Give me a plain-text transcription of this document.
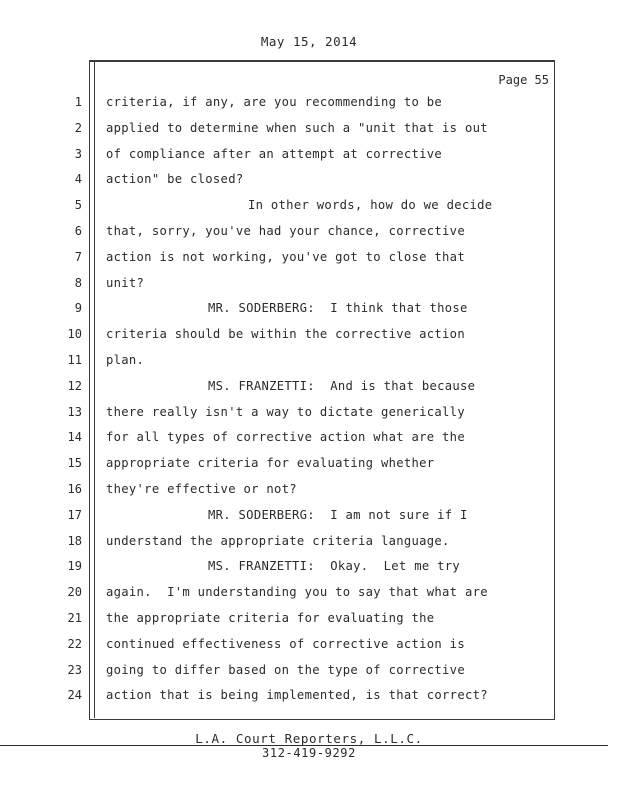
May 15, 2014
Page 55
1 criteria, if any, are you recommending to be
2 applied to determine when such a "unit that is out
3 of compliance after an attempt at corrective
4 action" be closed?
5	In other words, how do we decide
6 that, sorry, you've had your chance, corrective
7 action is not working, you've got to close that
8 unit?
9	MR. SODERBERG:  I think that those
10 criteria should be within the corrective action
11 plan.
12	MS. FRANZETTI:  And is that because
13 there really isn't a way to dictate generically
14 for all types of corrective action what are the
15 appropriate criteria for evaluating whether
16 they're effective or not?
17	MR. SODERBERG:  I am not sure if I
18 understand the appropriate criteria language.
19	MS. FRANZETTI:  Okay.  Let me try
20 again.  I'm understanding you to say that what are
21 the appropriate criteria for evaluating the
22 continued effectiveness of corrective action is
23 going to differ based on the type of corrective
24 action that is being implemented, is that correct?
L.A. Court Reporters, L.L.C.
312-419-9292
